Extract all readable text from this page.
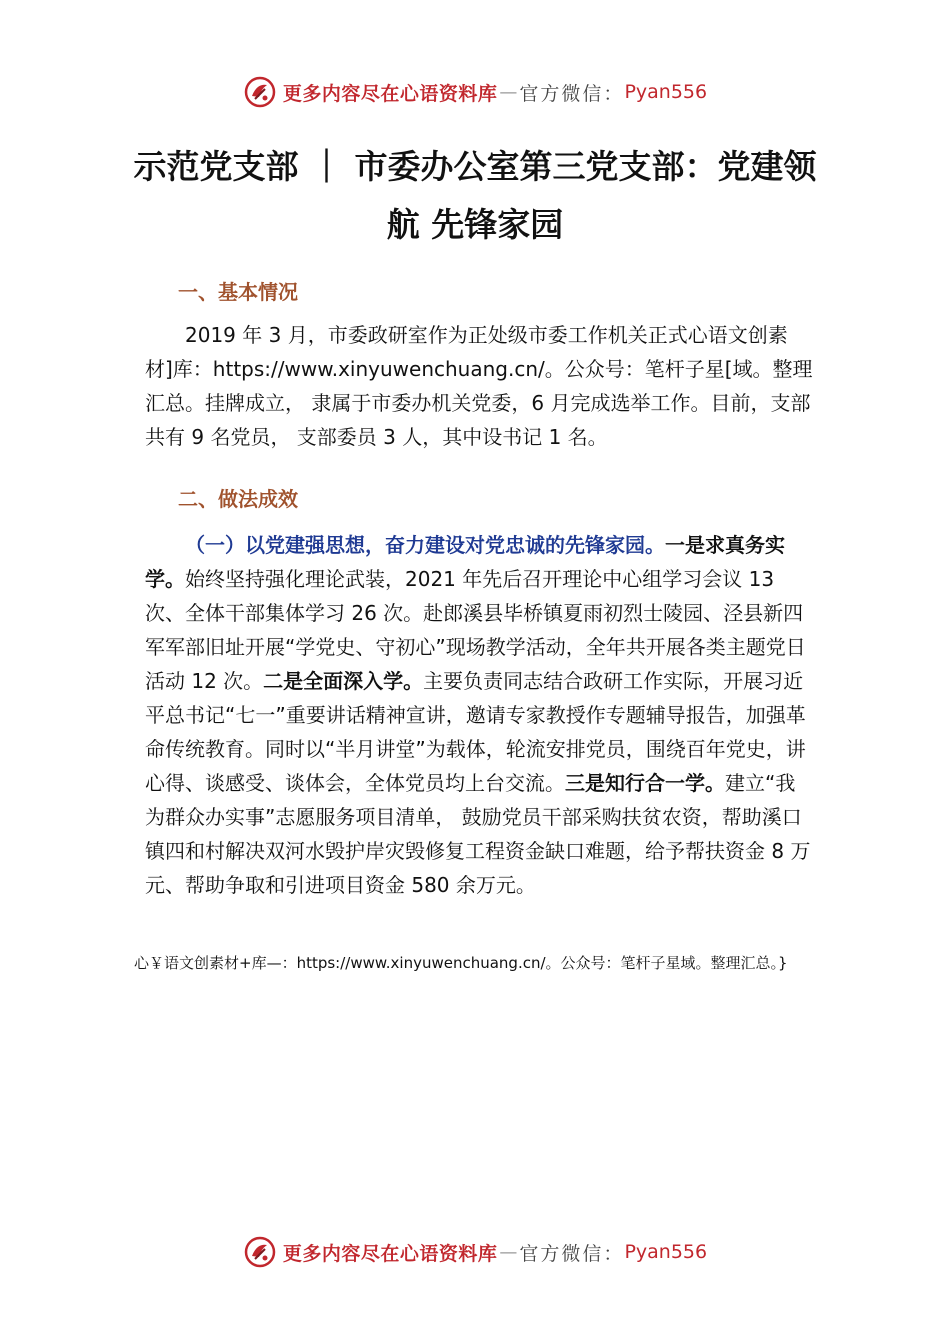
更多内容尽在心语资料库 — 官方微信： Pyan556
示范党支部 ｜ 市委办公室第三党支部：党建领航 先锋家园
一、基本情况

2019 年 3 月，市委政研室作为正处级市委工作机关正式心语文创素材]库：https://www.xinyuwenchuang.cn/。公众号：笔杆子星[域。整理汇总。挂牌成立， 隶属于市委办机关党委，6 月完成选举工作。目前，支部共有 9 名党员， 支部委员 3 人，其中设书记 1 名。

二、做法成效

（一）以党建强思想，奋力建设对党忠诚的先锋家园。一是求真务实学。始终坚持强化理论武装，2021 年先后召开理论中心组学习会议 13 次、全体干部集体学习 26 次。赴郎溪县毕桥镇夏雨初烈士陵园、泾县新四军军部旧址开展“学党史、守初心”现场教学活动，全年共开展各类主题党日活动 12 次。二是全面深入学。主要负责同志结合政研工作实际，开展习近平总书记“七一”重要讲话精神宣讲，邀请专家教授作专题辅导报告，加强革命传统教育。同时以“半月讲堂”为载体，轮流安排党员，围绕百年党史，讲心得、谈感受、谈体会，全体党员均上台交流。三是知行合一学。建立“我为群众办实事”志愿服务项目清单， 鼓励党员干部采购扶贫农资，帮助溪口镇四和村解决双河水毁护岸灾毁修复工程资金缺口难题，给予帮扶资金 8 万元、帮助争取和引进项目资金 580 余万元。

心￥语文创素材+库—：https://www.xinyuwenchuang.cn/。公众号：笔杆子星域。整理汇总。}

更多内容尽在心语资料库 — 官方微信： Pyan556
